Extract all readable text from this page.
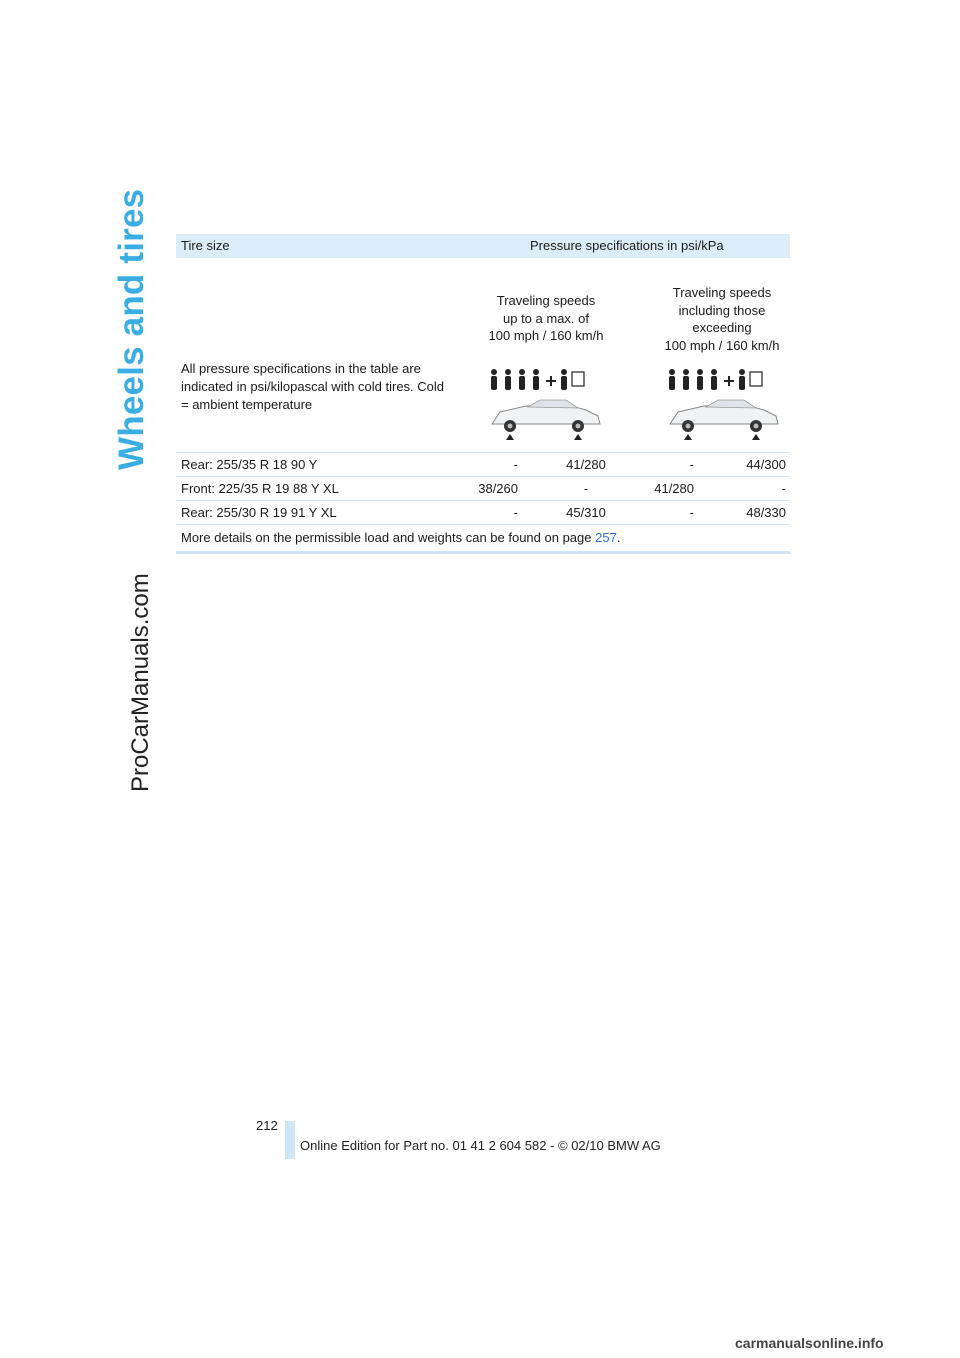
Wheels and tires
ProCarManuals.com
Tire size	Pressure specifications in psi/kPa
All pressure specifications in the table are indicated in psi/kilopascal with cold tires. Cold = ambient temperature
Traveling speeds
up to a max. of
100 mph / 160 km/h
Traveling speeds
including those
exceeding
100 mph / 160 km/h
Rear: 255/35 R 18 90 Y	-	41/280	-	44/300
Front: 225/35 R 19 88 Y XL	38/260	-	41/280	-
Rear: 255/30 R 19 91 Y XL	-	45/310	-	48/330
More details on the permissible load and weights can be found on page 257.
212
Online Edition for Part no. 01 41 2 604 582 - © 02/10 BMW AG
carmanualsonline.info
